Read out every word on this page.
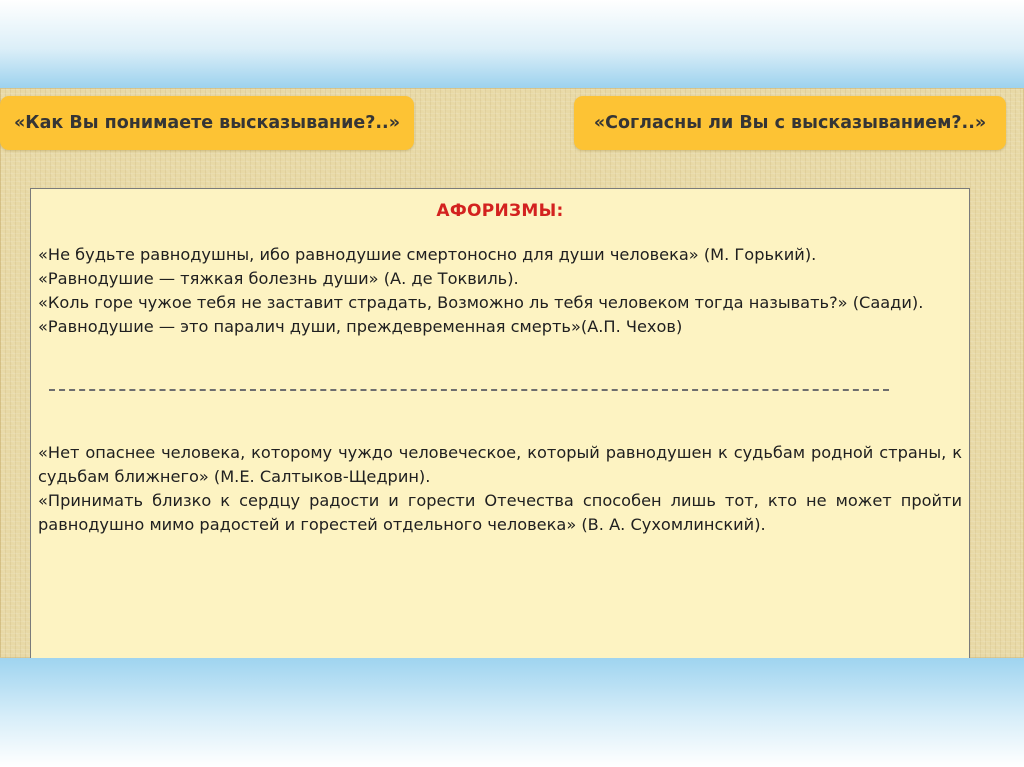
«Как Вы понимаете высказывание?..»	«Согласны ли Вы с высказыванием?..»
АФОРИЗМЫ:

«Не будьте равнодушны, ибо равнодушие смертоносно для души человека» (М. Горький).

«Равнодушие — тяжкая болезнь души» (А. де Токвиль).

«Коль горе чужое тебя не заставит страдать, Возможно ль тебя человеком тогда называть?» (Саади).

«Равнодушие — это паралич души, преждевременная смерть»(А.П. Чехов)

«Нет опаснее человека, которому чуждо человеческое, который равнодушен к судьбам родной страны, к судьбам ближнего» (М.Е. Салтыков-Щедрин).

«Принимать близко к сердцу радости и горести Отечества способен лишь тот, кто не может пройти равнодушно мимо радостей и горестей отдельного человека» (В. А. Сухомлинский).
